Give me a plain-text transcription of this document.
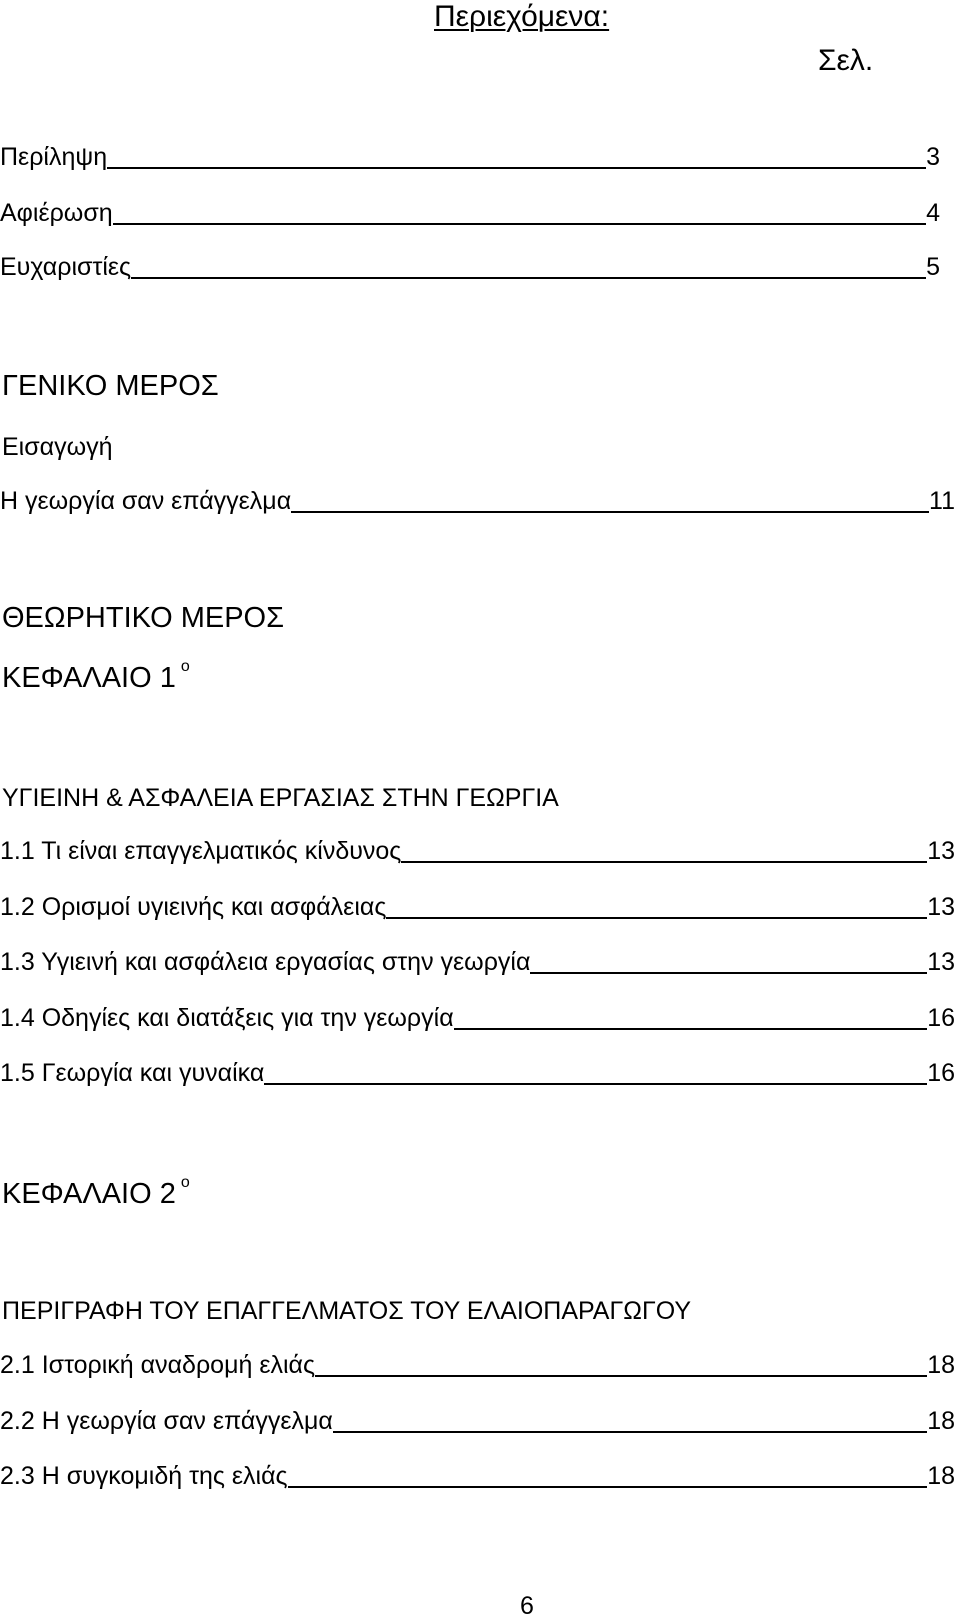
Περιεχόμενα:
Σελ.
Περίληψη	3
Αφιέρωση	4
Ευχαριστίες	5
ΓΕΝΙΚΟ ΜΕΡΟΣ
Εισαγωγή
Η γεωργία σαν επάγγελμα	11
ΘΕΩΡΗΤΙΚΟ ΜΕΡΟΣ
ΚΕΦΑΛΑΙΟ 1 $^o$
ΥΓΙΕΙΝΗ & ΑΣΦΑΛΕΙΑ ΕΡΓΑΣΙΑΣ ΣΤΗΝ ΓΕΩΡΓΙΑ
1.1 Τι είναι επαγγελματικός κίνδυνος	13
1.2 Ορισμοί υγιεινής και ασφάλειας	13
1.3 Υγιεινή και ασφάλεια εργασίας στην γεωργία	13
1.4 Οδηγίες και διατάξεις για την γεωργία	16
1.5 Γεωργία και γυναίκα	16
ΚΕΦΑΛΑΙΟ 2 $^o$
ΠΕΡΙΓΡΑΦΗ ΤΟΥ ΕΠΑΓΓΕΛΜΑΤΟΣ ΤΟΥ ΕΛΑΙΟΠΑΡΑΓΩΓΟΥ
2.1 Ιστορική αναδρομή ελιάς	18
2.2 Η γεωργία σαν επάγγελμα	18
2.3 Η συγκομιδή της ελιάς	18
6
